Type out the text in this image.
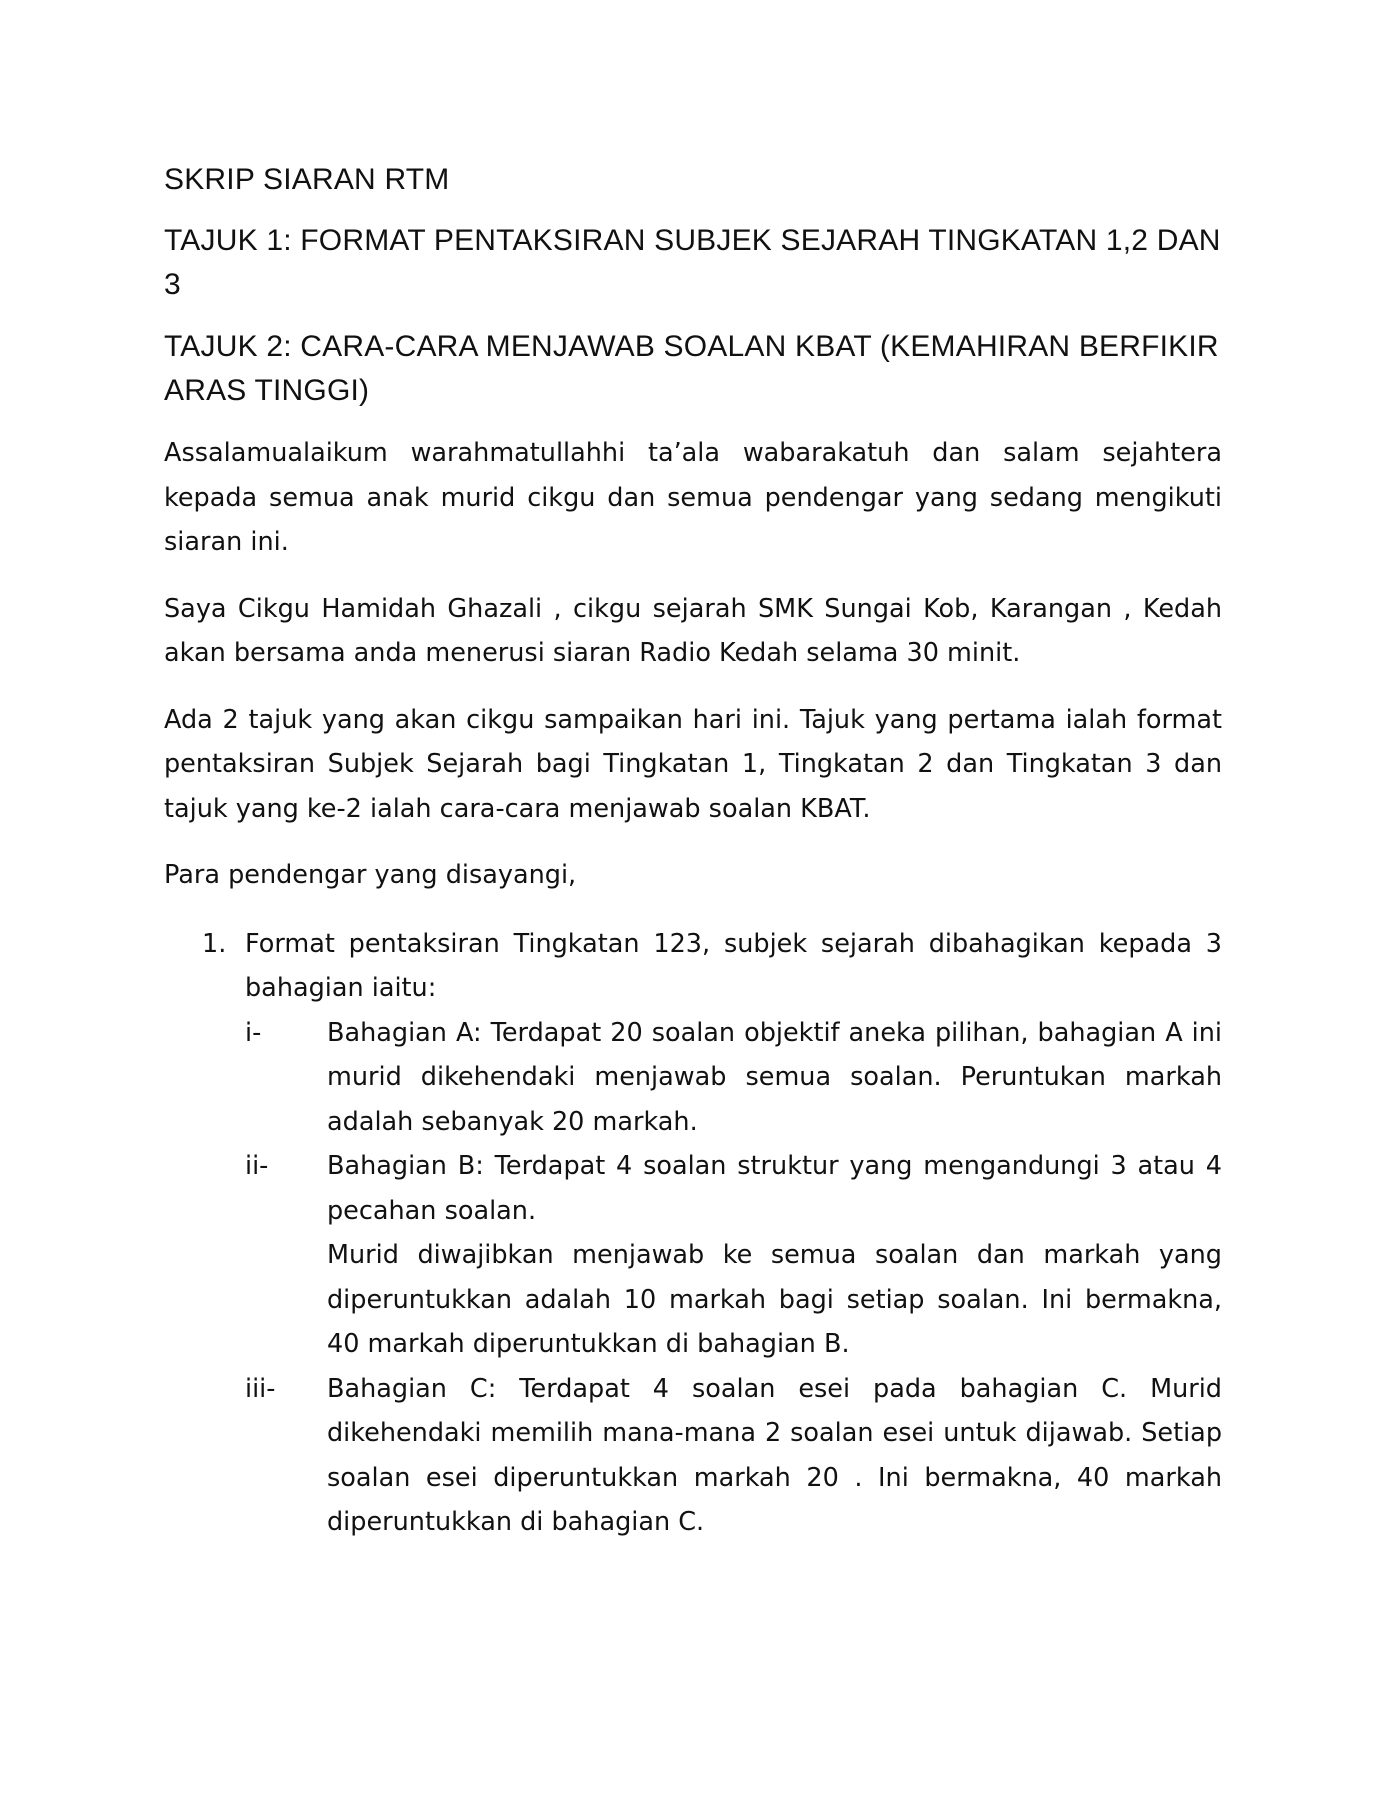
SKRIP SIARAN RTM
TAJUK 1: FORMAT PENTAKSIRAN SUBJEK SEJARAH TINGKATAN 1,2 DAN 3
TAJUK 2: CARA-CARA MENJAWAB SOALAN KBAT (KEMAHIRAN BERFIKIR ARAS TINGGI)

Assalamualaikum warahmatullahhi ta’ala wabarakatuh dan salam sejahtera kepada semua anak murid cikgu dan semua pendengar yang sedang mengikuti siaran ini.

Saya Cikgu Hamidah Ghazali , cikgu sejarah SMK Sungai Kob, Karangan , Kedah akan bersama anda menerusi siaran Radio Kedah selama 30 minit.

Ada 2 tajuk yang akan cikgu sampaikan hari ini. Tajuk yang pertama ialah format pentaksiran Subjek Sejarah bagi Tingkatan 1, Tingkatan 2 dan Tingkatan 3 dan tajuk yang ke-2 ialah cara-cara menjawab soalan KBAT.

Para pendengar yang disayangi,

1. Format pentaksiran Tingkatan 123, subjek sejarah dibahagikan kepada 3 bahagian iaitu:

i-	Bahagian A: Terdapat 20 soalan objektif aneka pilihan, bahagian A ini murid dikehendaki menjawab semua soalan. Peruntukan markah adalah sebanyak 20 markah.

ii- Bahagian B: Terdapat 4 soalan struktur yang mengandungi 3 atau 4 pecahan soalan.

Murid diwajibkan menjawab ke semua soalan dan markah yang diperuntukkan adalah 10 markah bagi setiap soalan. Ini bermakna, 40 markah diperuntukkan di bahagian B.

iii- Bahagian C: Terdapat 4 soalan esei pada bahagian C. Murid dikehendaki memilih mana-mana 2 soalan esei untuk dijawab. Setiap soalan esei diperuntukkan markah 20 . Ini bermakna, 40 markah diperuntukkan di bahagian C.
